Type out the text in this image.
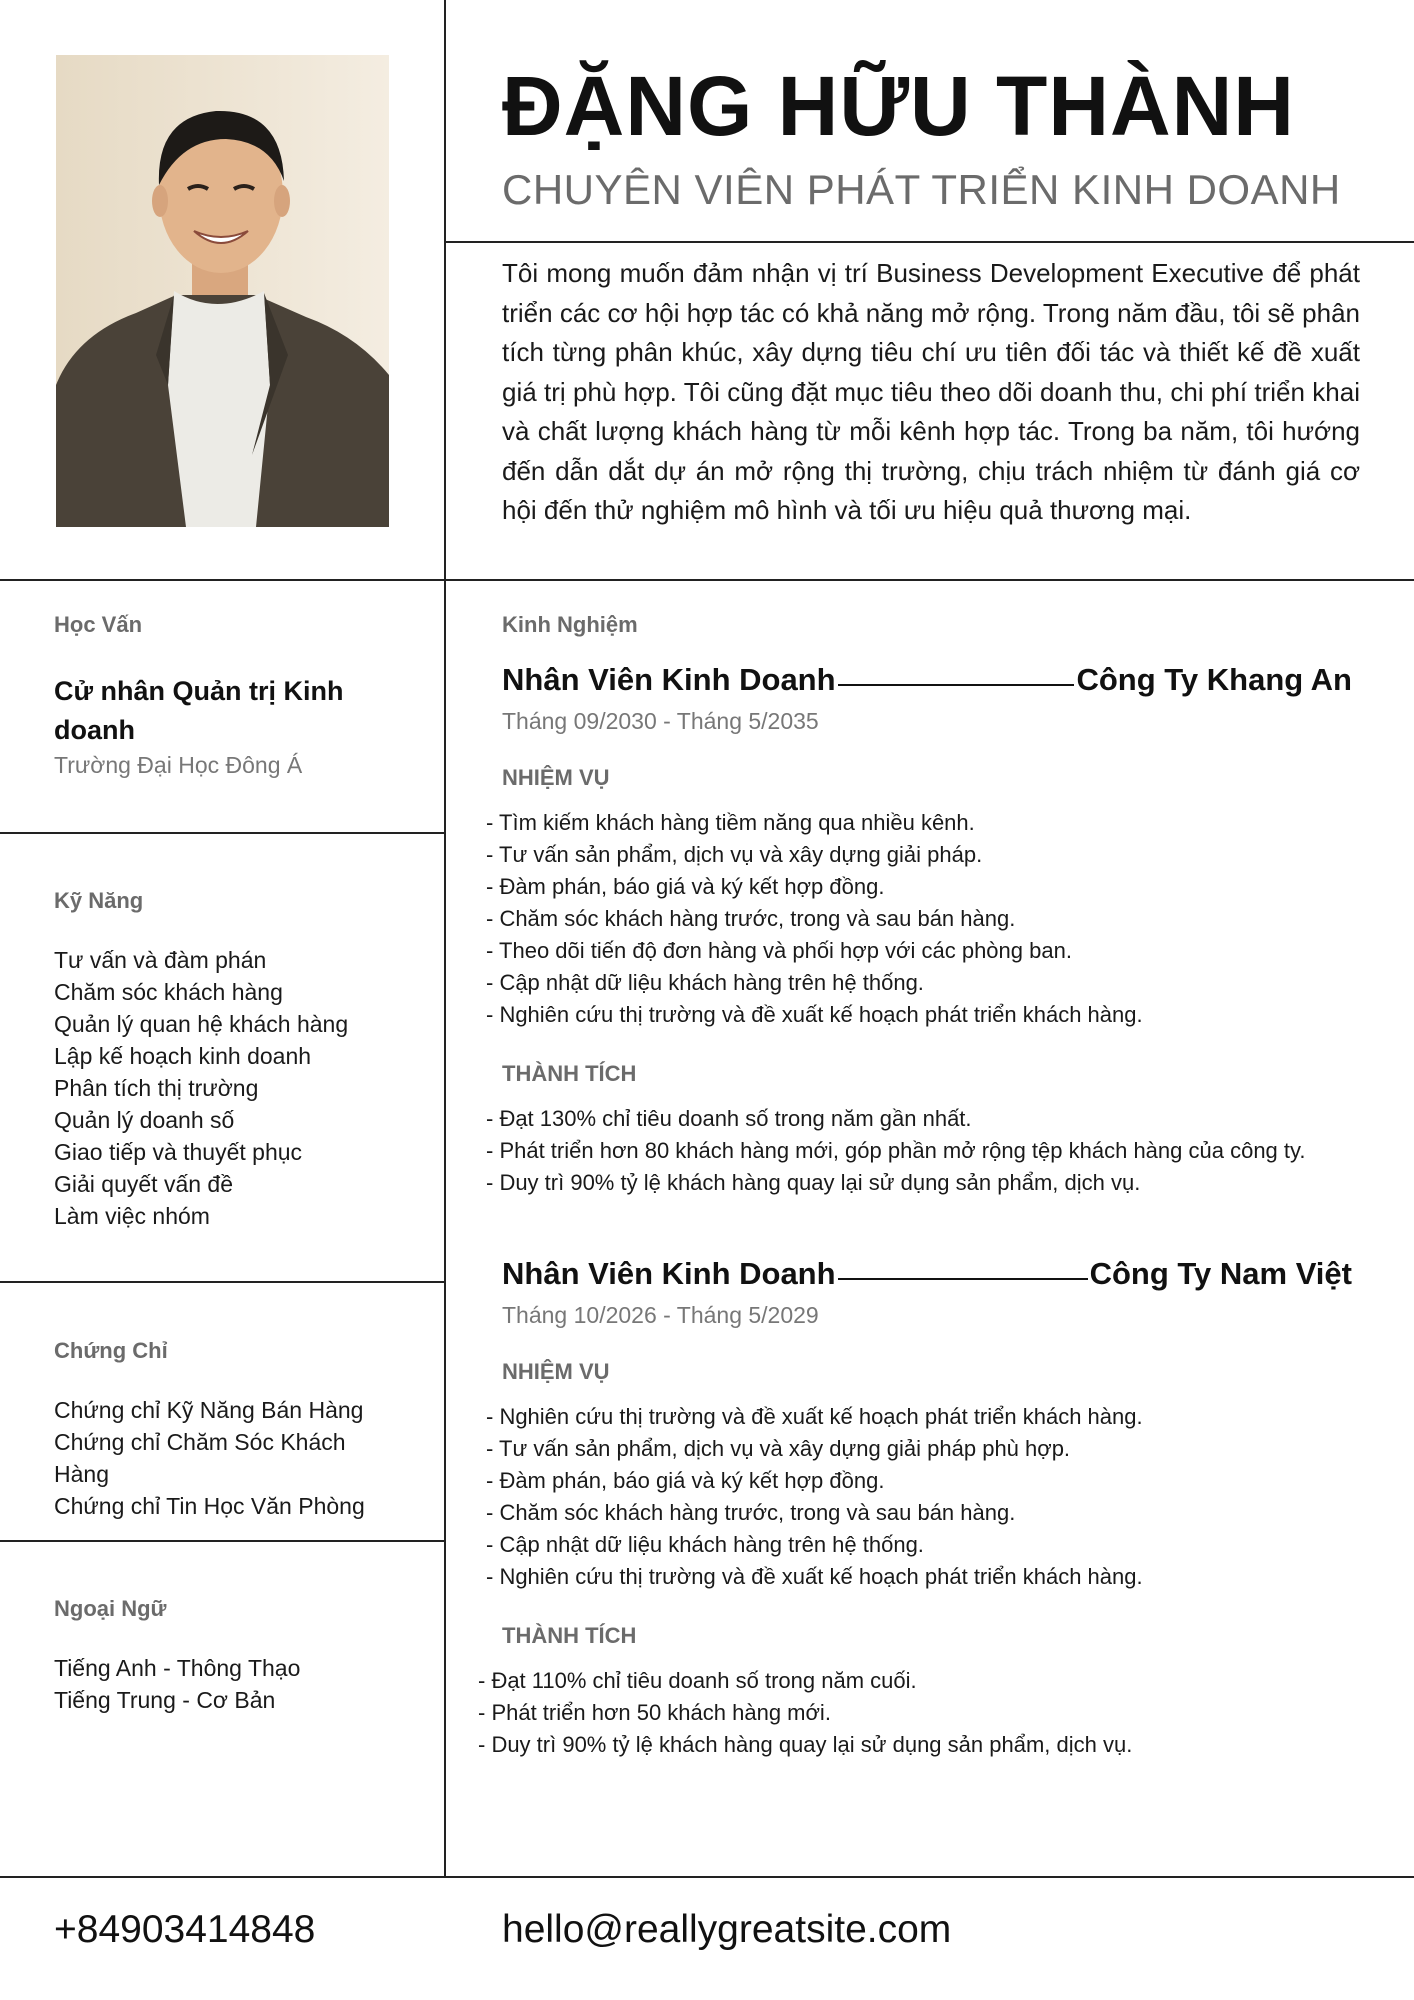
ĐẶNG HỮU THÀNH
CHUYÊN VIÊN PHÁT TRIỂN KINH DOANH

Tôi mong muốn đảm nhận vị trí Business Development Executive để phát triển các cơ hội hợp tác có khả năng mở rộng. Trong năm đầu, tôi sẽ phân tích từng phân khúc, xây dựng tiêu chí ưu tiên đối tác và thiết kế đề xuất giá trị phù hợp. Tôi cũng đặt mục tiêu theo dõi doanh thu, chi phí triển khai và chất lượng khách hàng từ mỗi kênh hợp tác. Trong ba năm, tôi hướng đến dẫn dắt dự án mở rộng thị trường, chịu trách nhiệm từ đánh giá cơ hội đến thử nghiệm mô hình và tối ưu hiệu quả thương mại.

Học Vấn
Cử nhân Quản trị Kinh doanh
Trường Đại Học Đông Á
Kỹ Năng
Tư vấn và đàm phán
Chăm sóc khách hàng
Quản lý quan hệ khách hàng
Lập kế hoạch kinh doanh
Phân tích thị trường
Quản lý doanh số
Giao tiếp và thuyết phục
Giải quyết vấn đề
Làm việc nhóm
Chứng Chỉ
Chứng chỉ Kỹ Năng Bán Hàng
Chứng chỉ Chăm Sóc Khách Hàng
Chứng chỉ Tin Học Văn Phòng
Ngoại Ngữ
Tiếng Anh - Thông Thạo
Tiếng Trung - Cơ Bản
Kinh Nghiệm
Nhân Viên Kinh Doanh	Công Ty Khang An
Tháng 09/2030 - Tháng 5/2035
NHIỆM VỤ
- Tìm kiếm khách hàng tiềm năng qua nhiều kênh.
- Tư vấn sản phẩm, dịch vụ và xây dựng giải pháp.
- Đàm phán, báo giá và ký kết hợp đồng.
- Chăm sóc khách hàng trước, trong và sau bán hàng.
- Theo dõi tiến độ đơn hàng và phối hợp với các phòng ban.
- Cập nhật dữ liệu khách hàng trên hệ thống.
- Nghiên cứu thị trường và đề xuất kế hoạch phát triển khách hàng.
THÀNH TÍCH
- Đạt 130% chỉ tiêu doanh số trong năm gần nhất.
- Phát triển hơn 80 khách hàng mới, góp phần mở rộng tệp khách hàng của công ty.
- Duy trì 90% tỷ lệ khách hàng quay lại sử dụng sản phẩm, dịch vụ.
Nhân Viên Kinh Doanh	Công Ty Nam Việt
Tháng 10/2026 - Tháng 5/2029
NHIỆM VỤ
- Nghiên cứu thị trường và đề xuất kế hoạch phát triển khách hàng.
- Tư vấn sản phẩm, dịch vụ và xây dựng giải pháp phù hợp.
- Đàm phán, báo giá và ký kết hợp đồng.
- Chăm sóc khách hàng trước, trong và sau bán hàng.
- Cập nhật dữ liệu khách hàng trên hệ thống.
- Nghiên cứu thị trường và đề xuất kế hoạch phát triển khách hàng.
THÀNH TÍCH
- Đạt 110% chỉ tiêu doanh số trong năm cuối.
- Phát triển hơn 50 khách hàng mới.
- Duy trì 90% tỷ lệ khách hàng quay lại sử dụng sản phẩm, dịch vụ.
+84903414848	hello@reallygreatsite.com
